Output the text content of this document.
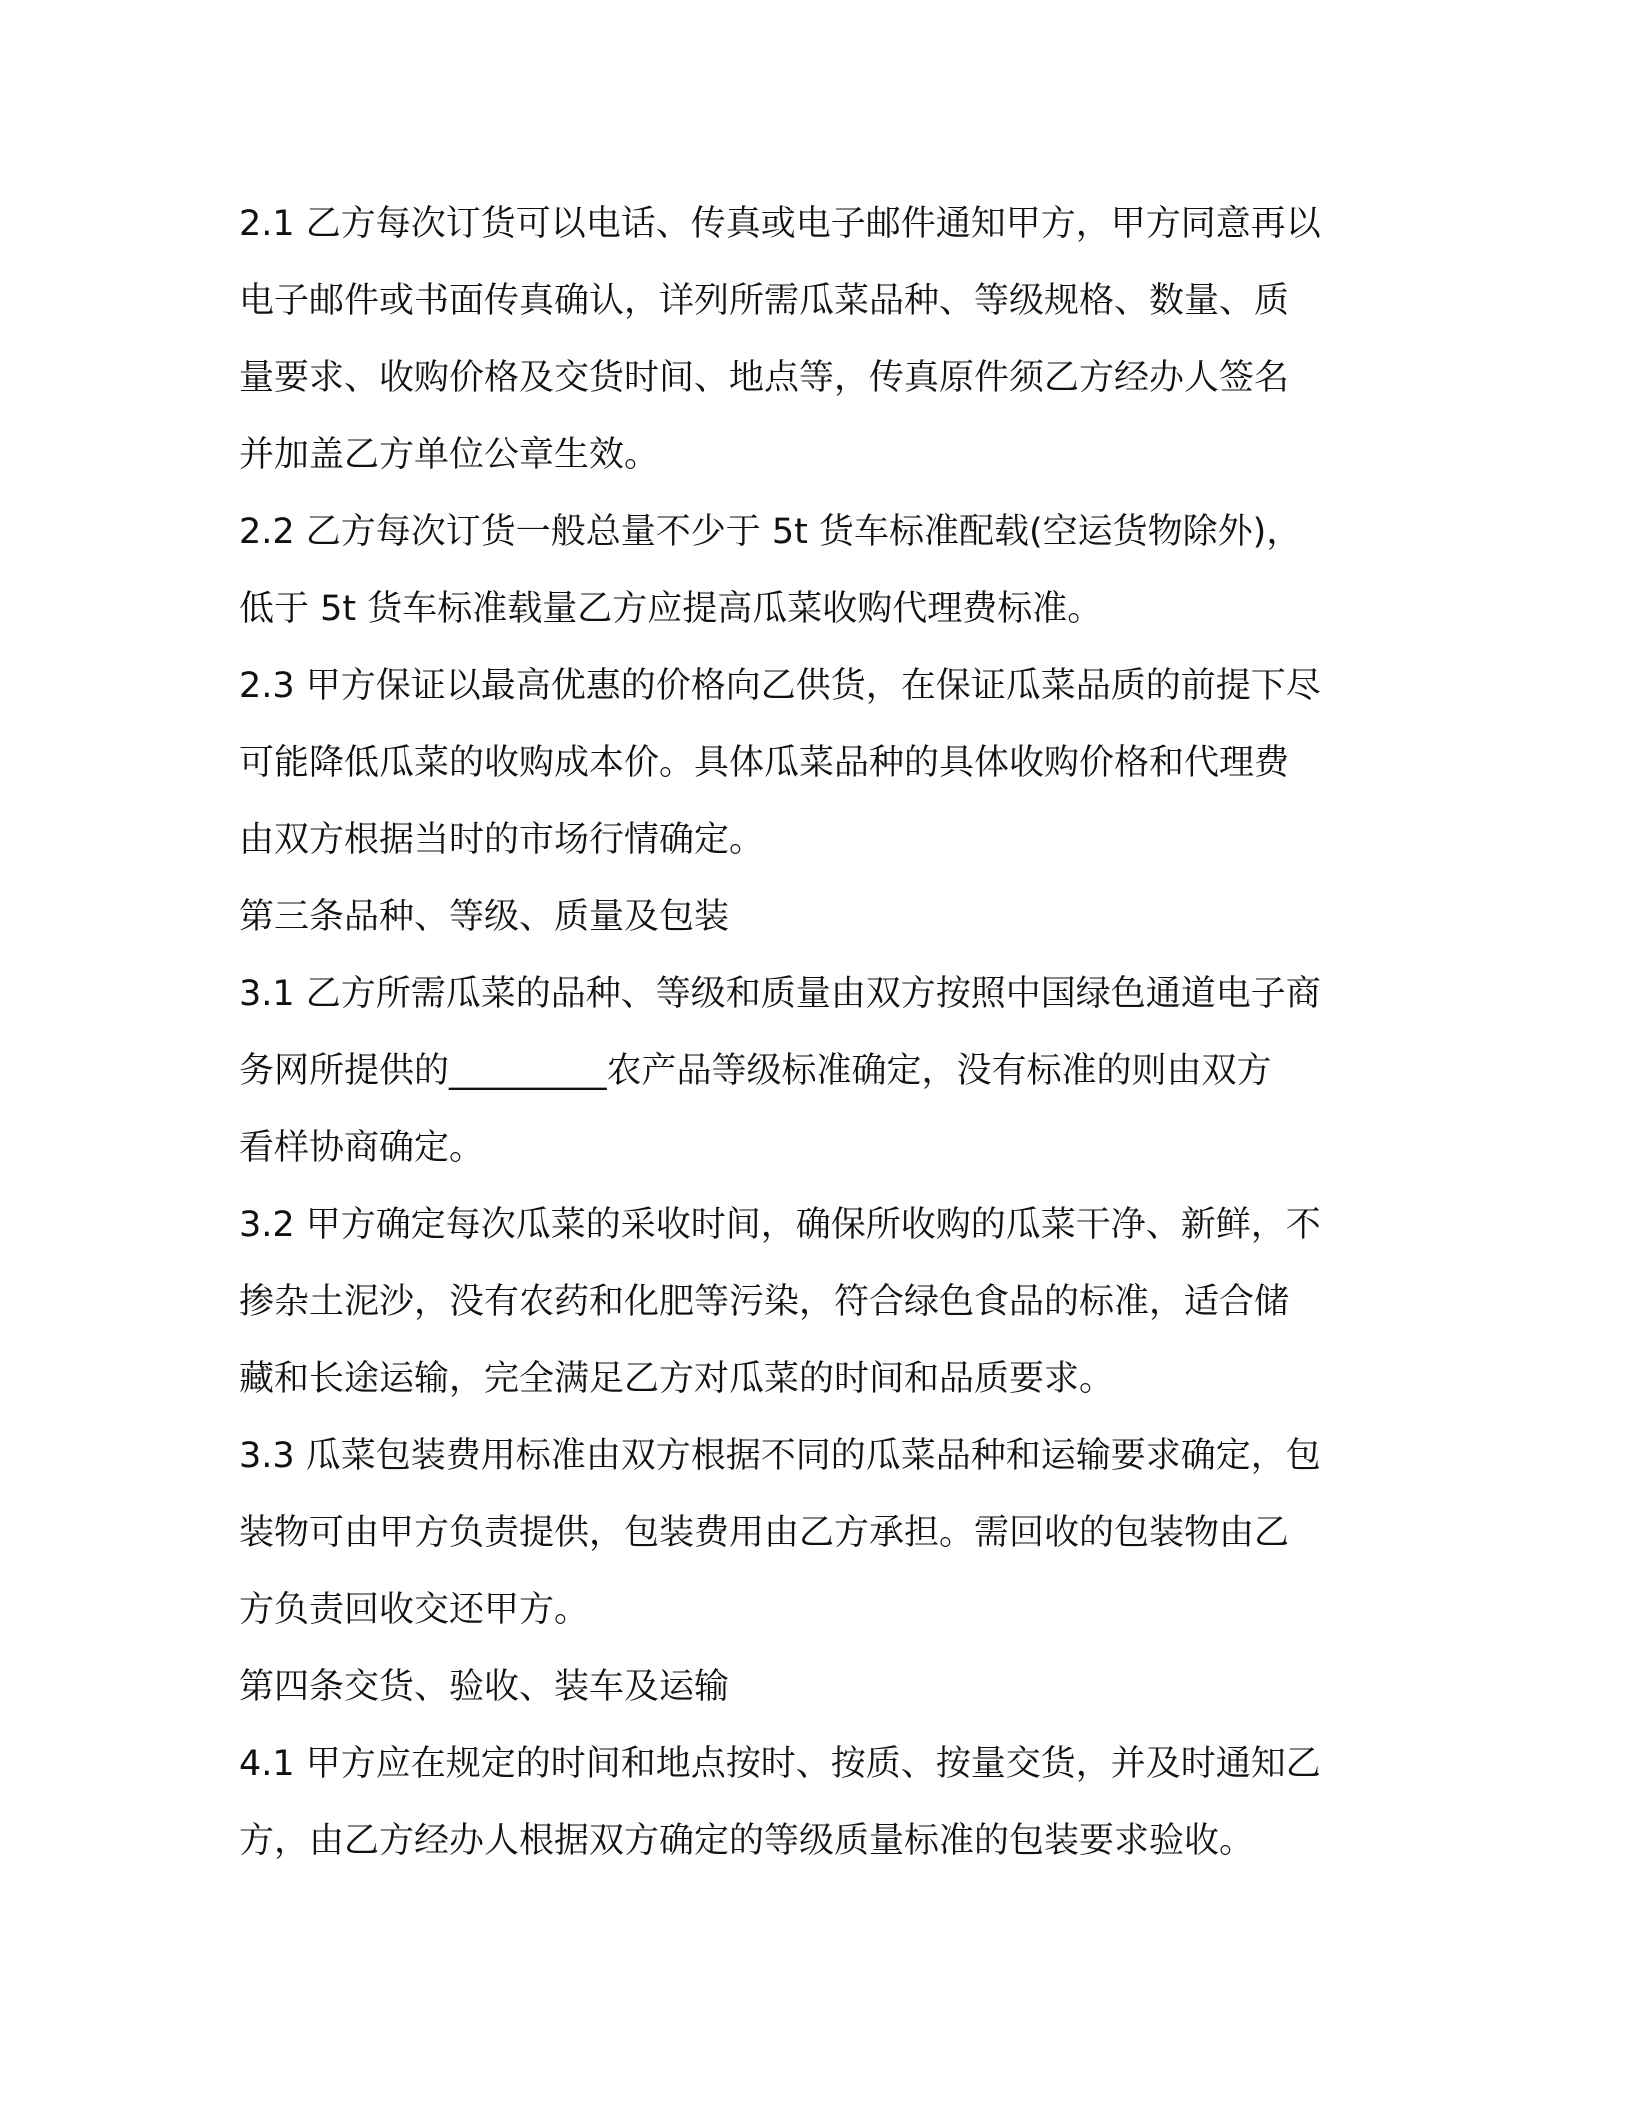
2.1 乙方每次订货可以电话、传真或电子邮件通知甲方，甲方同意再以
电子邮件或书面传真确认，详列所需瓜菜品种、等级规格、数量、质
量要求、收购价格及交货时间、地点等，传真原件须乙方经办人签名
并加盖乙方单位公章生效。
2.2 乙方每次订货一般总量不少于 5t 货车标准配载(空运货物除外)，
低于 5t 货车标准载量乙方应提高瓜菜收购代理费标准。
2.3 甲方保证以最高优惠的价格向乙供货，在保证瓜菜品质的前提下尽
可能降低瓜菜的收购成本价。具体瓜菜品种的具体收购价格和代理费
由双方根据当时的市场行情确定。
第三条品种、等级、质量及包装
3.1 乙方所需瓜菜的品种、等级和质量由双方按照中国绿色通道电子商
务网所提供的_________农产品等级标准确定，没有标准的则由双方
看样协商确定。
3.2 甲方确定每次瓜菜的采收时间，确保所收购的瓜菜干净、新鲜，不
掺杂土泥沙，没有农药和化肥等污染，符合绿色食品的标准，适合储
藏和长途运输，完全满足乙方对瓜菜的时间和品质要求。
3.3 瓜菜包装费用标准由双方根据不同的瓜菜品种和运输要求确定，包
装物可由甲方负责提供，包装费用由乙方承担。需回收的包装物由乙
方负责回收交还甲方。
第四条交货、验收、装车及运输
4.1 甲方应在规定的时间和地点按时、按质、按量交货，并及时通知乙
方，由乙方经办人根据双方确定的等级质量标准的包装要求验收。
